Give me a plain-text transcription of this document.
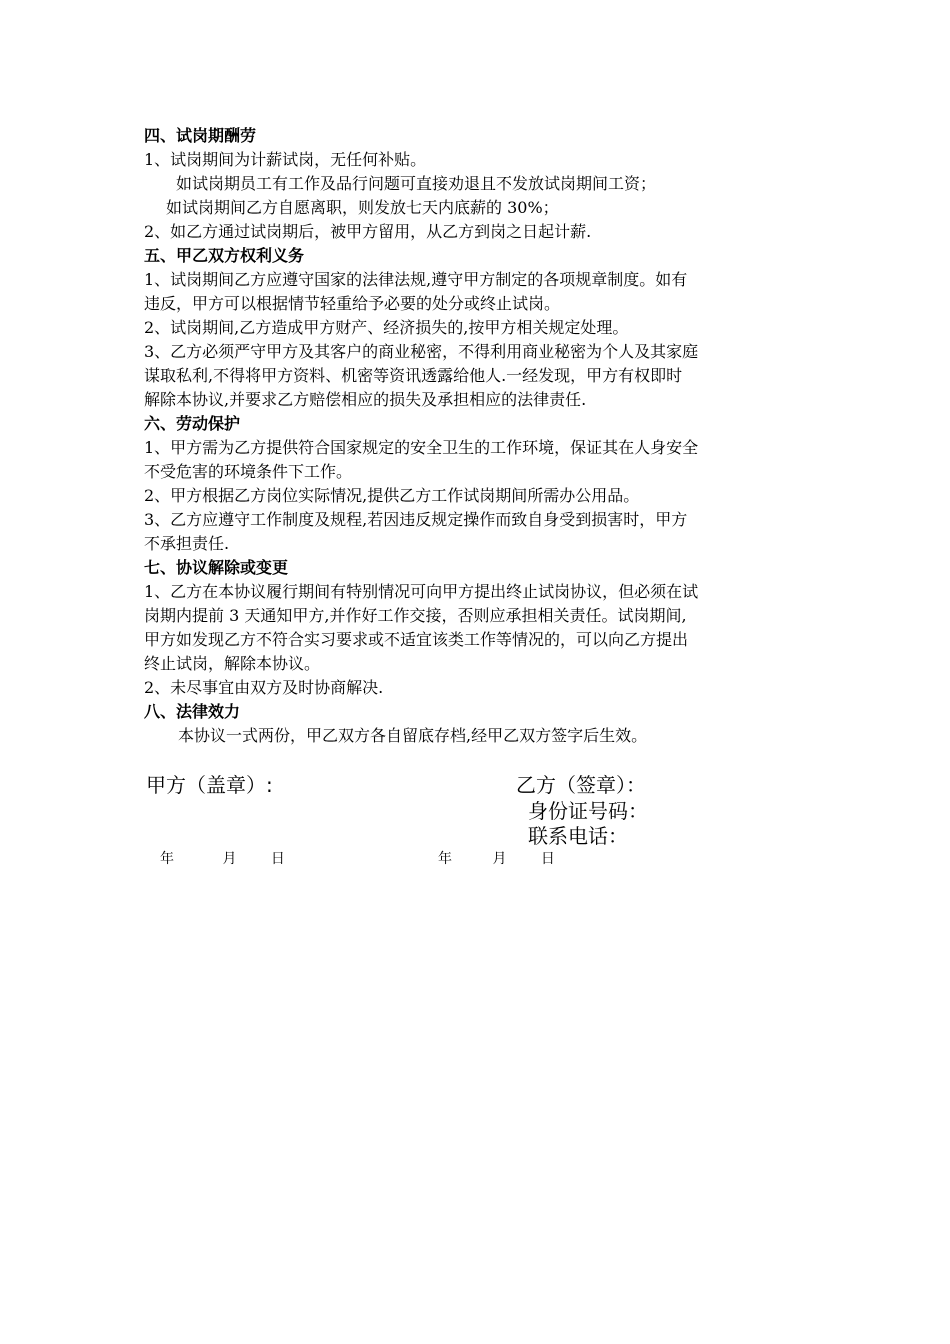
四、试岗期酬劳
1、试岗期间为计薪试岗，无任何补贴。
如试岗期员工有工作及品行问题可直接劝退且不发放试岗期间工资；
如试岗期间乙方自愿离职，则发放七天内底薪的 30%；
2、如乙方通过试岗期后，被甲方留用，从乙方到岗之日起计薪.
五、甲乙双方权利义务
1、试岗期间乙方应遵守国家的法律法规,遵守甲方制定的各项规章制度。如有
违反，甲方可以根据情节轻重给予必要的处分或终止试岗。
2、试岗期间,乙方造成甲方财产、经济损失的,按甲方相关规定处理。
3、乙方必须严守甲方及其客户的商业秘密，不得利用商业秘密为个人及其家庭
谋取私利,不得将甲方资料、机密等资讯透露给他人.一经发现，甲方有权即时
解除本协议,并要求乙方赔偿相应的损失及承担相应的法律责任.
六、劳动保护
1、甲方需为乙方提供符合国家规定的安全卫生的工作环境，保证其在人身安全
不受危害的环境条件下工作。
2、甲方根据乙方岗位实际情况,提供乙方工作试岗期间所需办公用品。
3、乙方应遵守工作制度及规程,若因违反规定操作而致自身受到损害时，甲方
不承担责任.
七、协议解除或变更
1、乙方在本协议履行期间有特别情况可向甲方提出终止试岗协议，但必须在试
岗期内提前 3 天通知甲方,并作好工作交接，否则应承担相关责任。试岗期间,
甲方如发现乙方不符合实习要求或不适宜该类工作等情况的，可以向乙方提出
终止试岗，解除本协议。
2、未尽事宜由双方及时协商解决.
八、法律效力
本协议一式两份，甲乙双方各自留底存档,经甲乙双方签字后生效。
甲方（盖章）:	乙方（签章）：
身份证号码：
联系电话：
年	月 日	年	月 日
